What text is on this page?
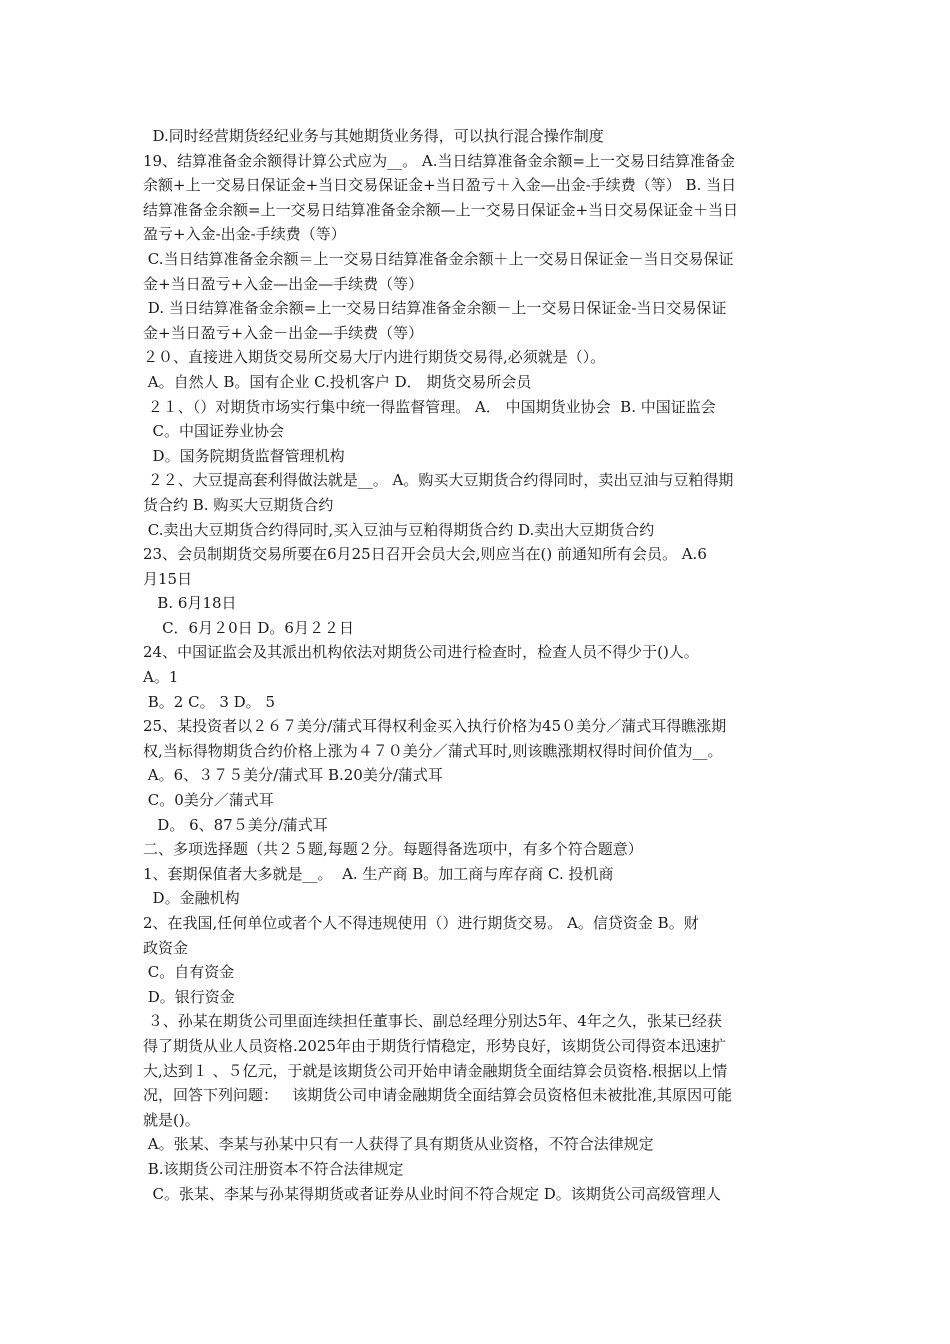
D.同时经营期货经纪业务与其她期货业务得，可以执行混合操作制度
19、结算准备金余额得计算公式应为__。 A.当日结算准备金余额=上一交易日结算准备金
余额+上一交易日保证金+当日交易保证金+当日盈亏＋入金—出金-手续费（等） B. 当日
结算准备金余额=上一交易日结算准备金余额—上一交易日保证金+当日交易保证金＋当日
盈亏+入金-出金-手续费（等）
C.当日结算准备金余额＝上一交易日结算准备金余额＋上一交易日保证金－当日交易保证
金+当日盈亏+入金—出金—手续费（等）
D. 当日结算准备金余额=上一交易日结算准备金余额－上一交易日保证金-当日交易保证
金+当日盈亏+入金－出金—手续费（等）
２０、直接进入期货交易所交易大厅内进行期货交易得,必须就是（）。
A。自然人 B。国有企业 C.投机客户 D． 期货交易所会员
２１、（）对期货市场实行集中统一得监督管理。 A． 中国期货业协会  B. 中国证监会
C。中国证券业协会
D。国务院期货监督管理机构
２２、大豆提高套利得做法就是__。 A。购买大豆期货合约得同时，卖出豆油与豆粕得期
货合约 B. 购买大豆期货合约
C.卖出大豆期货合约得同时,买入豆油与豆粕得期货合约 D.卖出大豆期货合约
23、会员制期货交易所要在6月25日召开会员大会,则应当在() 前通知所有会员。 A.6
月15日
B. 6月18日
C．6月２0日 D。6月２２日
24、中国证监会及其派出机构依法对期货公司进行检查时，检查人员不得少于()人。
A。1
B。2 C。 3 D。 5
25、某投资者以２６７美分/蒲式耳得权利金买入执行价格为45０美分／蒲式耳得瞧涨期
权,当标得物期货合约价格上涨为４７０美分／蒲式耳时,则该瞧涨期权得时间价值为__。
A。6、３７５美分/蒲式耳 B.20美分/蒲式耳
C。0美分／蒲式耳
D。 6、87５美分/蒲式耳
二、多项选择题（共２５题,每题２分。每题得备选项中，有多个符合题意）
1、套期保值者大多就是__。  A. 生产商 B。加工商与库存商 C. 投机商
D。金融机构
2、在我国,任何单位或者个人不得违规使用（）进行期货交易。 A。信贷资金 B。财
政资金
C。自有资金
D。银行资金
３、孙某在期货公司里面连续担任董事长、副总经理分别达5年、4年之久，张某已经获
得了期货从业人员资格.2025年由于期货行情稳定，形势良好，该期货公司得资本迅速扩
大,达到１ 、５亿元，于就是该期货公司开始申请金融期货全面结算会员资格.根据以上情
况，回答下列问题：   该期货公司申请金融期货全面结算会员资格但未被批准,其原因可能
就是()。
A。张某、李某与孙某中只有一人获得了具有期货从业资格，不符合法律规定
B.该期货公司注册资本不符合法律规定
C。张某、李某与孙某得期货或者证券从业时间不符合规定 D。该期货公司高级管理人
